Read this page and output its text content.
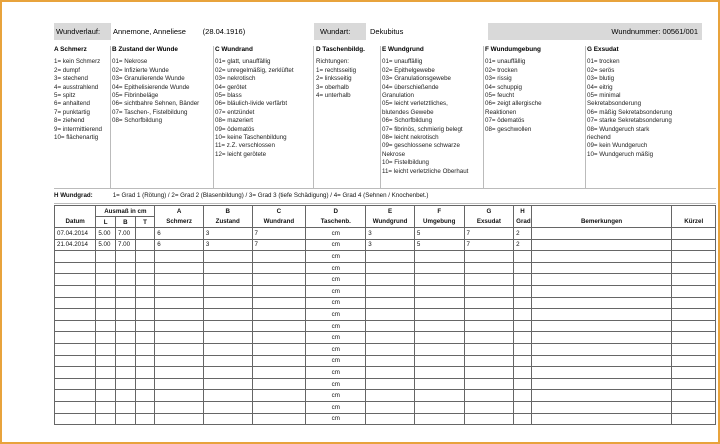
Wundverlauf:	Annemone, Anneliese (28.04.1916)	Wundart:	Dekubitus	Wundnummer: 00561/001
A Schmerz
1= kein Schmerz
2= dumpf
3= stechend
4= ausstrahlend
5= spitz
6= anhaltend
7= punktartig
8= ziehend
9= intermittierend
10= flächenartig
B Zustand der Wunde
01= Nekrose
02= Infizierte Wunde
03= Granulierende Wunde
04= Epithelisierende Wunde
05= Fibrinbeläge
06= sichtbahre Sehnen, Bänder
07= Taschen-, Fistelbildung
08= Schorfbildung
C Wundrand
01= glatt, unauffällig
02= unregelmäßig, zerklüftet
03= nekrotisch
04= gerötet
05= blass
06= bläulich-livide verfärbt
07= entzündet
08= mazeriert
09= ödematös
10= keine Taschenbildung
11= z.Z. verschlossen
12= leicht gerötete
D Taschenbildg.
Richtungen:
1= rechtsseitig
2= linksseitig
3= oberhalb
4= unterhalb
E Wundgrund
01= unauffällig
02= Epithelgewebe
03= Granulationsgewebe
04= überschießende
Granulation
05= leicht verletztliches,
blutendes Gewebe
06= Schorfbildung
07= fibrinös, schmierig belegt
08= leicht nekrotisch
09= geschlossene schwarze
Nekrose
10= Fistelbildung
11= leicht verletzliche Oberhaut
F Wundumgebung
01= unauffällig
02= trocken
03= rissig
04= schuppig
05= feucht
06= zeigt allergische
Reaktionen
07= ödematös
08= geschwollen
G Exsudat
01= trocken
02= serös
03= blutig
04= eitrig
05= minimal
Sekretabsonderung
06= mäßig Sekretabsonderung
07= starke Sekretabsonderung
08= Wundgeruch stark
riechend
09= kein Wundgeruch
10= Wundgeruch mäßig
H Wundgrad:	1= Grad 1 (Rötung) / 2= Grad 2 (Blasenbildung) / 3= Grad 3 (tiefe Schädigung) / 4= Grad 4 (Sehnen / Knochenbet.)
	Ausmaß in cm			A	B	C	D	E	F	G	H		
Datum	L	B	T	Schmerz	Zustand	Wundrand	Taschenb.	Wundgrund	Umgebung	Exsudat	Grad	Bemerkungen	Kürzel
07.04.2014	5.00	7.00		6	3	7	cm	3	5	7	2		
21.04.2014	5.00	7.00		6	3	7	cm	3	5	7	2		
							cm						
							cm						
							cm						
							cm						
							cm						
							cm						
							cm						
							cm						
							cm						
							cm						
							cm						
							cm						
							cm						
							cm						
							cm						
